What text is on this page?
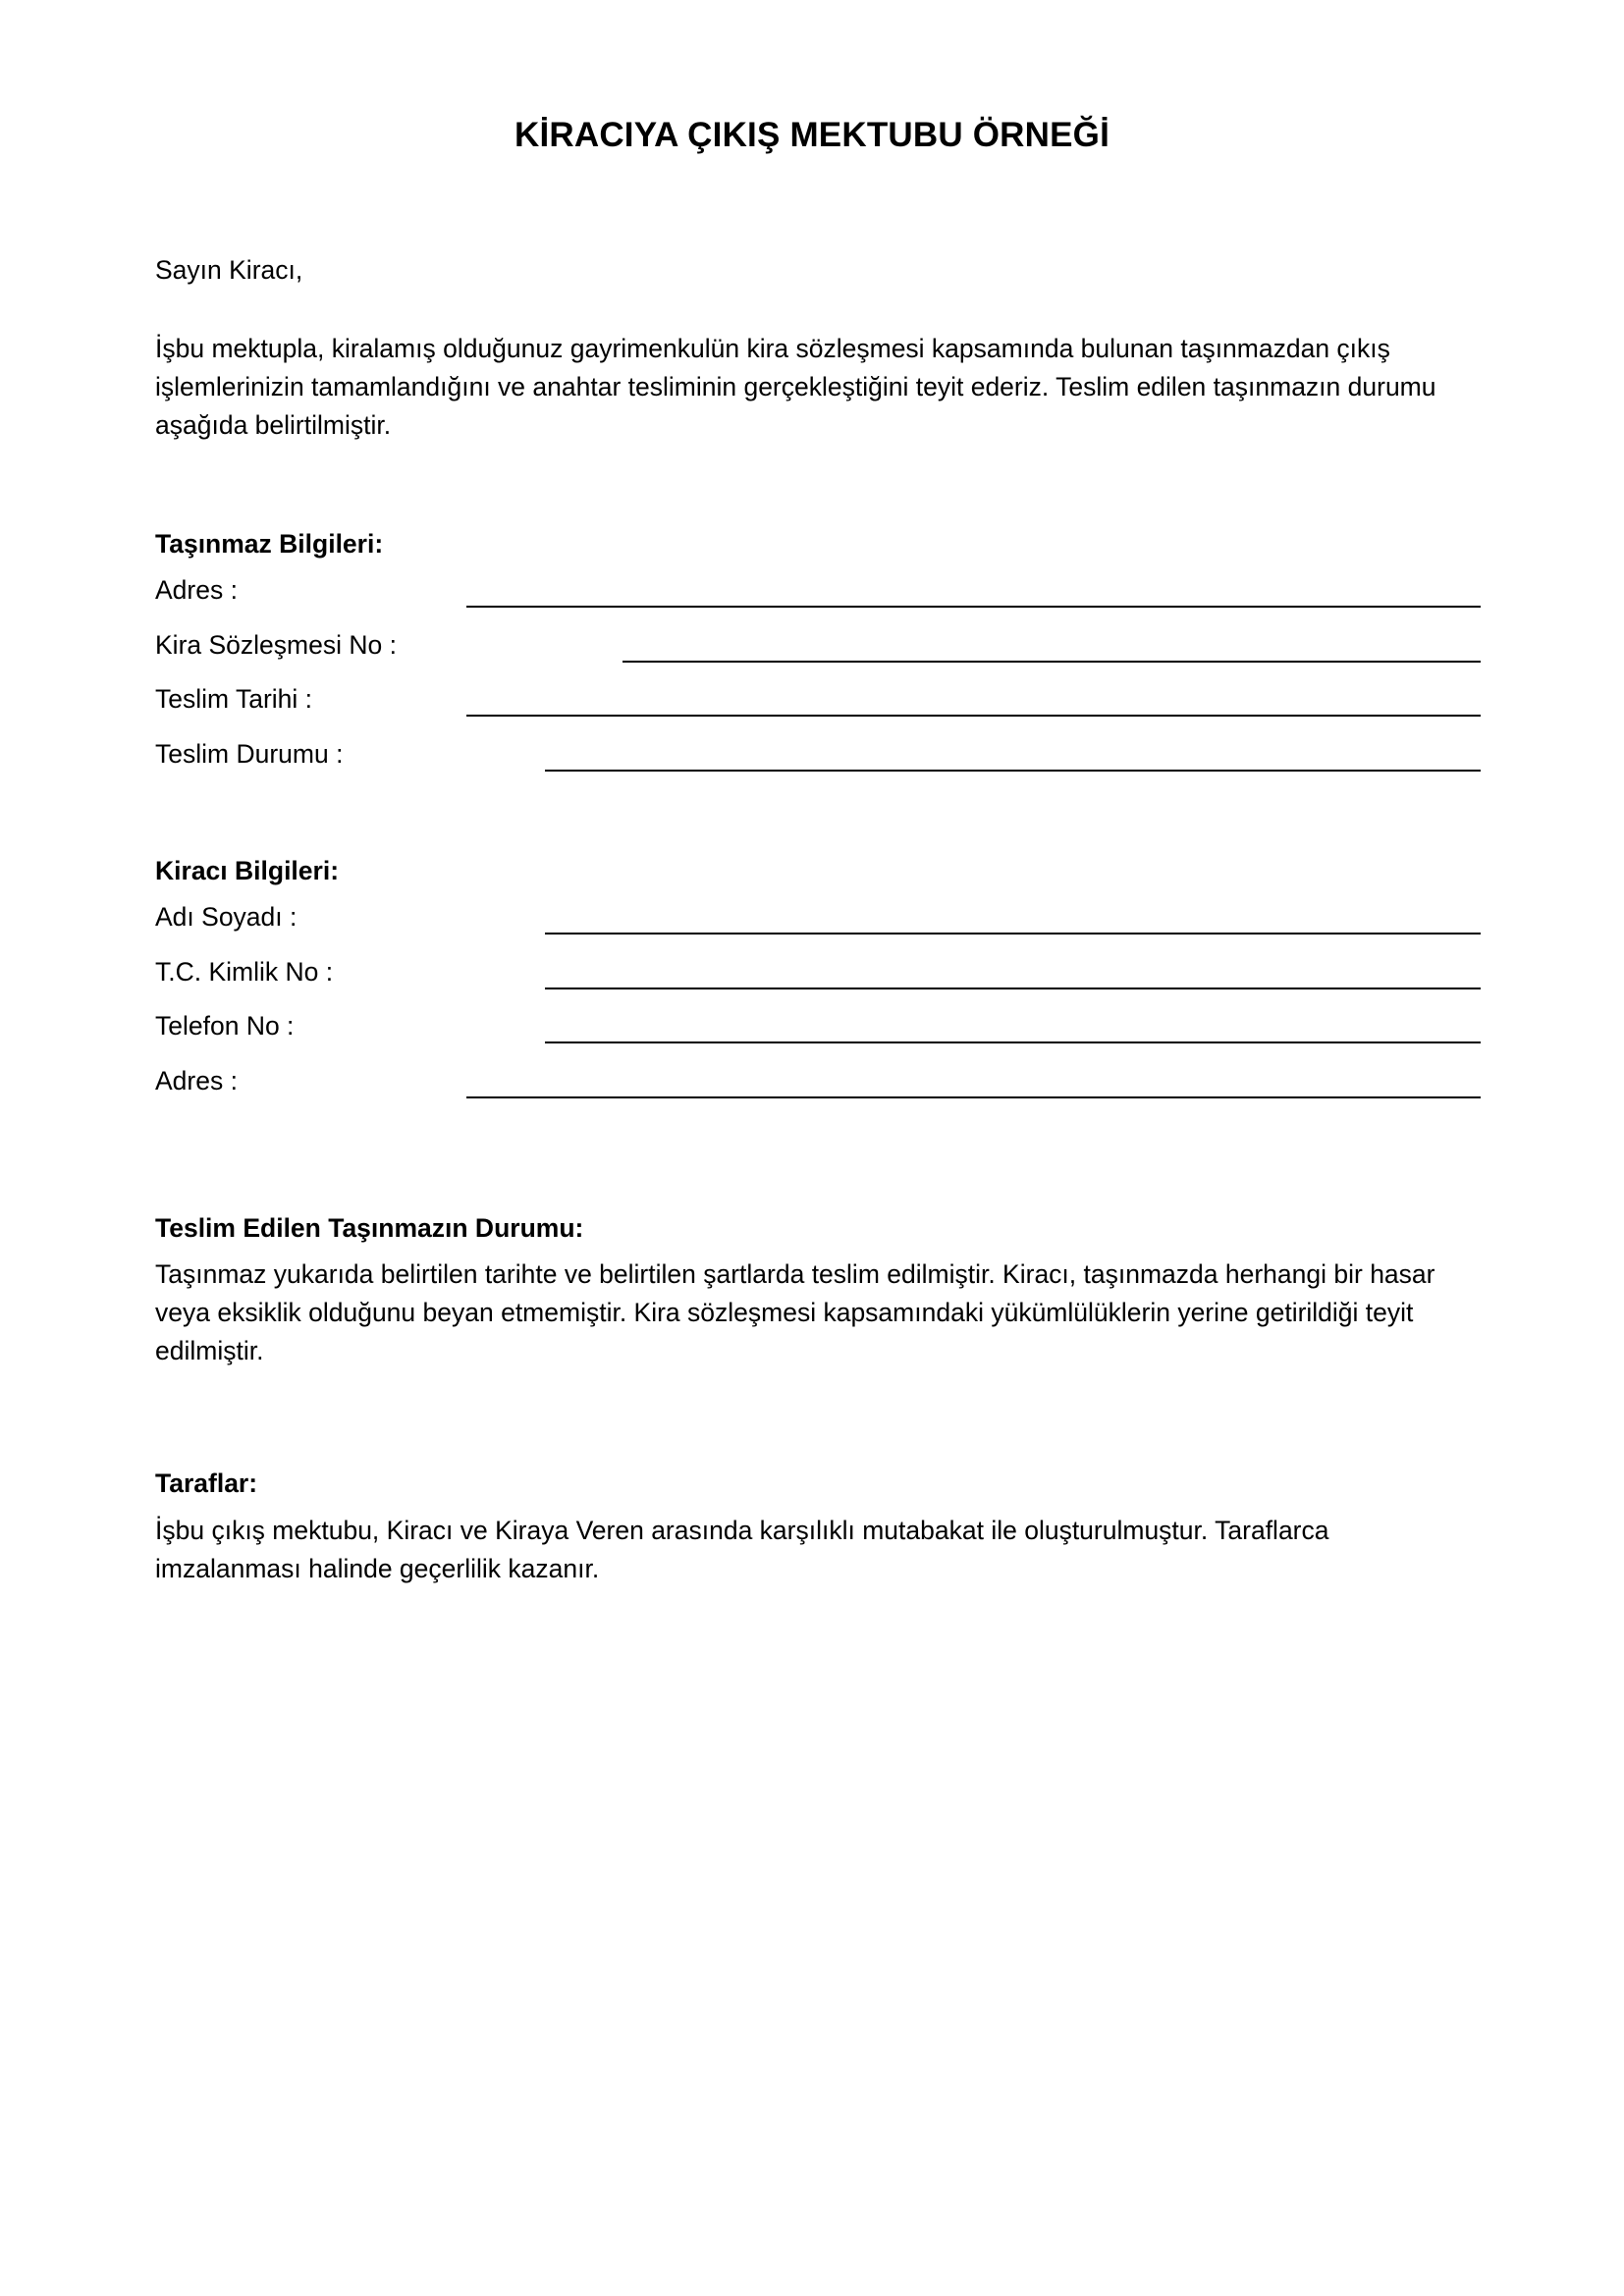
KİRACIYA ÇIKIŞ MEKTUBU ÖRNEĞİ
Sayın Kiracı,
İşbu mektupla, kiralamış olduğunuz gayrimenkulün kira sözleşmesi kapsamında bulunan taşınmazdan çıkış işlemlerinizin tamamlandığını ve anahtar tesliminin gerçekleştiğini teyit ederiz. Teslim edilen taşınmazın durumu aşağıda belirtilmiştir.
Taşınmaz Bilgileri:
Adres :
Kira Sözleşmesi No :
Teslim Tarihi :
Teslim Durumu :
Kiracı Bilgileri:
Adı Soyadı :
T.C. Kimlik No :
Telefon No :
Adres :
Teslim Edilen Taşınmazın Durumu:
Taşınmaz yukarıda belirtilen tarihte ve belirtilen şartlarda teslim edilmiştir. Kiracı, taşınmazda herhangi bir hasar veya eksiklik olduğunu beyan etmemiştir. Kira sözleşmesi kapsamındaki yükümlülüklerin yerine getirildiği teyit edilmiştir.
Taraflar:
İşbu çıkış mektubu, Kiracı ve Kiraya Veren arasında karşılıklı mutabakat ile oluşturulmuştur. Taraflarca imzalanması halinde geçerlilik kazanır.
